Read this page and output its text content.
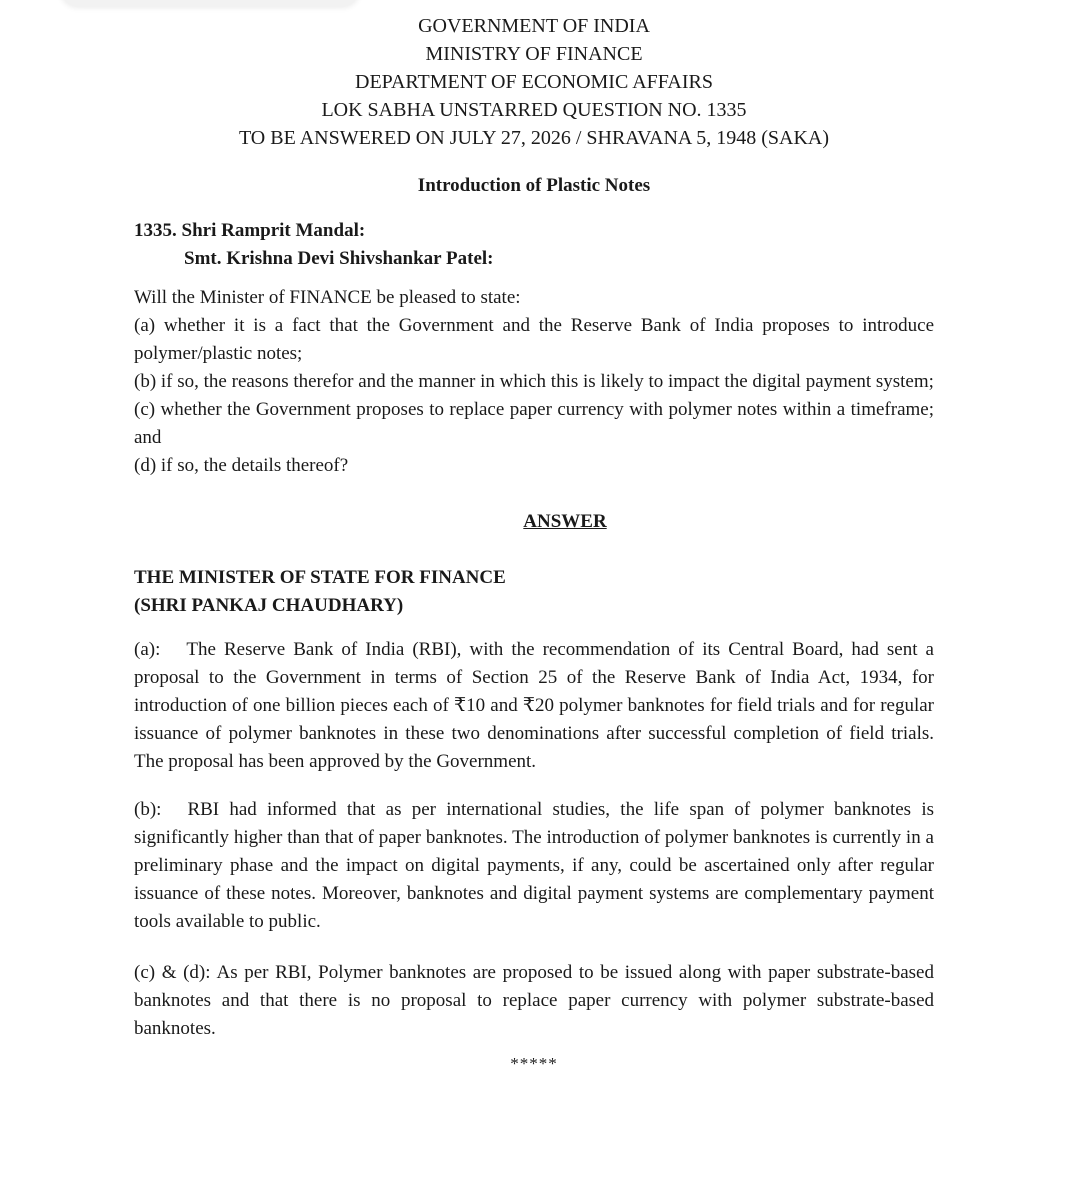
GOVERNMENT OF INDIA
MINISTRY OF FINANCE
DEPARTMENT OF ECONOMIC AFFAIRS
LOK SABHA UNSTARRED QUESTION NO. 1335
TO BE ANSWERED ON JULY 27, 2026 / SHRAVANA 5, 1948 (SAKA)
Introduction of Plastic Notes
1335. Shri Ramprit Mandal:
Smt. Krishna Devi Shivshankar Patel:

Will the Minister of FINANCE be pleased to state:

(a) whether it is a fact that the Government and the Reserve Bank of India proposes to introduce polymer/plastic notes;

(b) if so, the reasons therefor and the manner in which this is likely to impact the digital payment system;

(c) whether the Government proposes to replace paper currency with polymer notes within a timeframe; and

(d) if so, the details thereof?

ANSWER
THE MINISTER OF STATE FOR FINANCE
(SHRI PANKAJ CHAUDHARY)
(a): The Reserve Bank of India (RBI), with the recommendation of its Central Board, had sent a proposal to the Government in terms of Section 25 of the Reserve Bank of India Act, 1934, for introduction of one billion pieces each of ₹10 and ₹20 polymer banknotes for field trials and for regular issuance of polymer banknotes in these two denominations after successful completion of field trials. The proposal has been approved by the Government.
(b): RBI had informed that as per international studies, the life span of polymer banknotes is significantly higher than that of paper banknotes. The introduction of polymer banknotes is currently in a preliminary phase and the impact on digital payments, if any, could be ascertained only after regular issuance of these notes. Moreover, banknotes and digital payment systems are complementary payment tools available to public.
(c) & (d): As per RBI, Polymer banknotes are proposed to be issued along with paper substrate-based banknotes and that there is no proposal to replace paper currency with polymer substrate-based banknotes.
*****
